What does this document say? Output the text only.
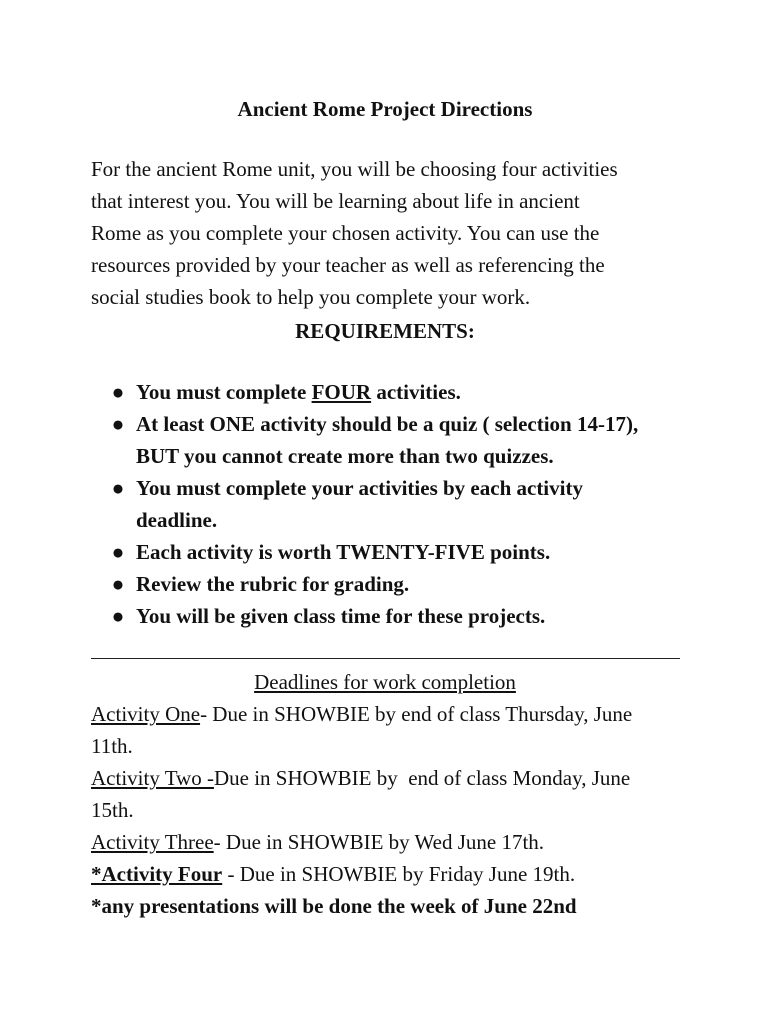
Ancient Rome Project Directions
For the ancient Rome unit, you will be choosing four activities
that interest you. You will be learning about life in ancient
Rome as you complete your chosen activity. You can use the
resources provided by your teacher as well as referencing the
social studies book to help you complete your work.
REQUIREMENTS:
● You must complete FOUR activities.
● At least ONE activity should be a quiz ( selection 14-17),
BUT you cannot create more than two quizzes.
● You must complete your activities by each activity
deadline.
● Each activity is worth TWENTY-FIVE points.
● Review the rubric for grading.
● You will be given class time for these projects.
Deadlines for work completion
Activity One- Due in SHOWBIE by end of class Thursday, June
11th.
Activity Two -Due in SHOWBIE by  end of class Monday, June
15th.
Activity Three- Due in SHOWBIE by Wed June 17th.
*Activity Four - Due in SHOWBIE by Friday June 19th.
*any presentations will be done the week of June 22nd
